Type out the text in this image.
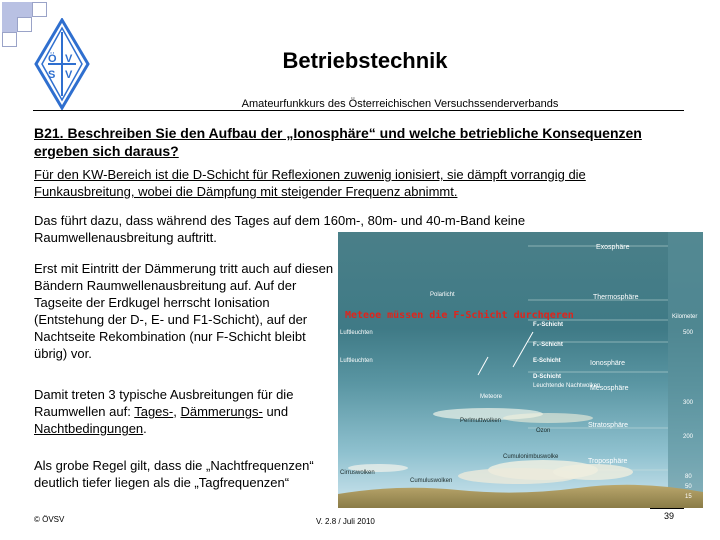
Ö V
S V
Betriebstechnik
Amateurfunkkurs des Österreichischen Versuchssenderverbands
B21. Beschreiben Sie den Aufbau der „Ionosphäre“ und welche betriebliche Konsequenzen ergeben sich daraus?
Für den KW-Bereich ist die D-Schicht für Reflexionen zuwenig ionisiert, sie dämpft vorrangig die Funkausbreitung, wobei die Dämpfung mit steigender Frequenz abnimmt.
Das führt dazu, dass während des Tages auf dem 160m-, 80m- und 40-m-Band keine Raumwellenausbreitung auftritt.
Erst mit Eintritt der Dämmerung tritt auch auf diesen Bändern Raumwellenausbreitung auf. Auf der Tagseite der Erdkugel herrscht Ionisation (Entstehung der D-, E- und F1-Schicht), auf der Nachtseite Rekombination (nur F-Schicht bleibt übrig) vor.
Damit treten 3 typische Ausbreitungen für die Raumwellen auf: Tages-, Dämmerungs- und Nachtbedingungen.
Als grobe Regel gilt, dass die „Nachtfrequenzen“ deutlich tiefer liegen als die „Tagfrequenzen“
Exosphäre
Thermosphäre
Ionosphäre
Mesosphäre
Stratosphäre
Troposphäre
F₂-Schicht
F₁-Schicht
E-Schicht
D-Schicht
Polarlicht
Luftleuchten
Luftleuchten
Leuchtende Nachtwolken
Meteore
Perlmuttwolken
Ozon
Cumulonimbuswolke
Cirruswolken
Cumuluswolken
Kilometer
500
300
200
80
50
15
Meteoe müssen die F-Schicht durchqeren
© ÖVSV	V. 2.8 / Juli 2010
39
